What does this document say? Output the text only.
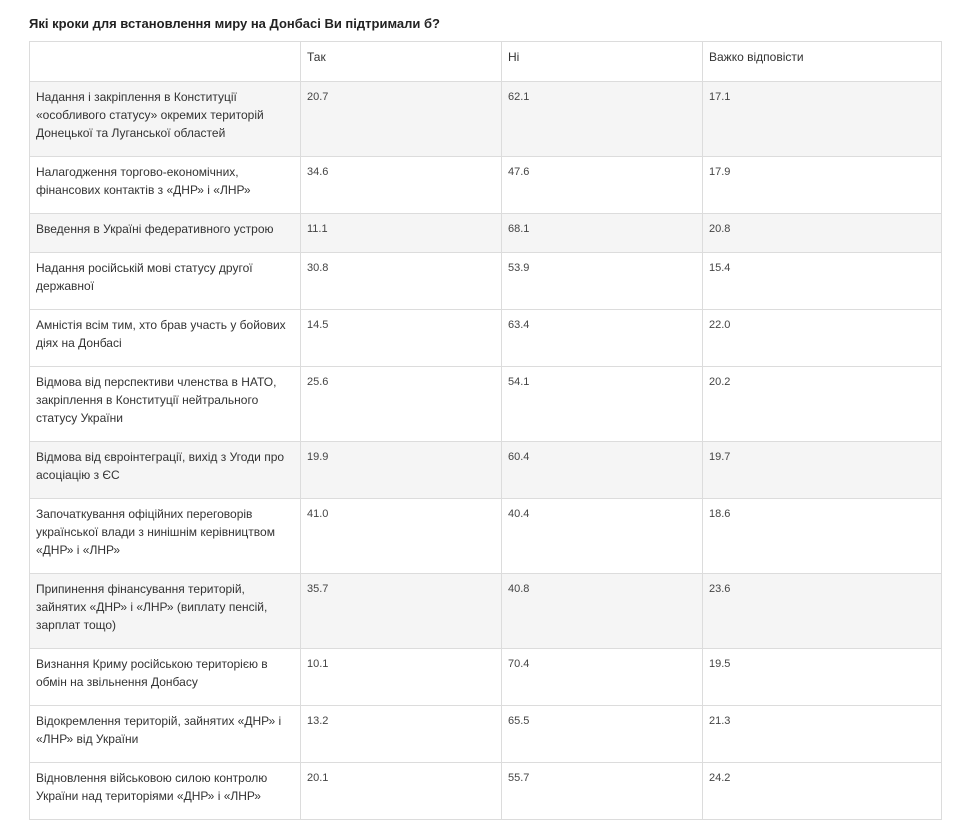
Які кроки для встановлення миру на Донбасі Ви підтримали б?
	Так	Ні	Важко відповісти
Надання і закріплення в Конституції «особливого статусу» окремих територій Донецької та Луганської областей	20.7	62.1	17.1
Налагодження торгово-економічних, фінансових контактів з «ДНР» і «ЛНР»	34.6	47.6	17.9
Введення в Україні федеративного устрою	11.1	68.1	20.8
Надання російській мові статусу другої державної	30.8	53.9	15.4
Амністія всім тим, хто брав участь у бойових діях на Донбасі	14.5	63.4	22.0
Відмова від перспективи членства в НАТО, закріплення в Конституції нейтрального статусу України	25.6	54.1	20.2
Відмова від євроінтеграції, вихід з Угоди про асоціацію з ЄС	19.9	60.4	19.7
Започаткування офіційних переговорів української влади з нинішнім керівництвом «ДНР» і «ЛНР»	41.0	40.4	18.6
Припинення фінансування територій, зайнятих «ДНР» і «ЛНР» (виплату пенсій, зарплат тощо)	35.7	40.8	23.6
Визнання Криму російською територією в обмін на звільнення Донбасу	10.1	70.4	19.5
Відокремлення територій, зайнятих «ДНР» і «ЛНР» від України	13.2	65.5	21.3
Відновлення військовою силою контролю України над територіями «ДНР» і «ЛНР»	20.1	55.7	24.2
